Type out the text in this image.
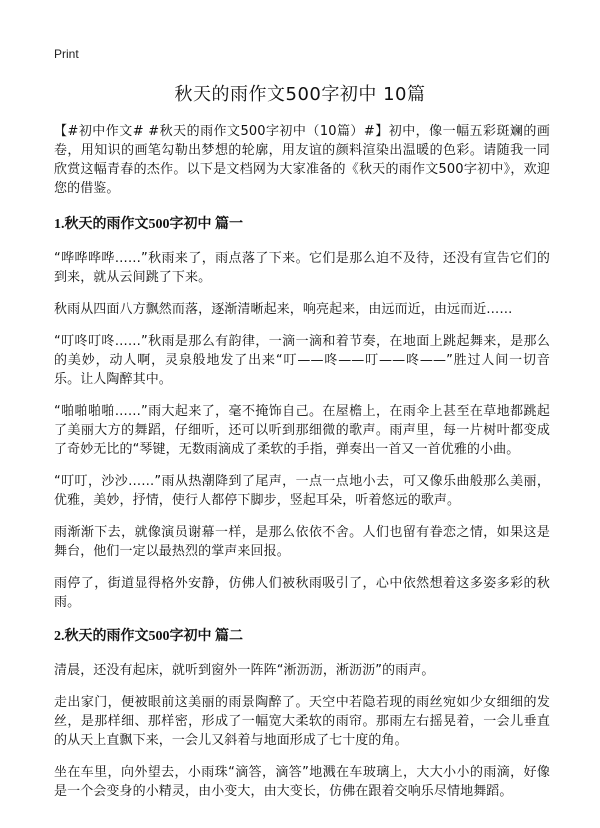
Print
秋天的雨作文500字初中 10篇

【#初中作文# #秋天的雨作文500字初中（10篇）#】初中，像一幅五彩斑斓的画卷，用知识的画笔勾勒出梦想的轮廓，用友谊的颜料渲染出温暖的色彩。请随我一同欣赏这幅青春的杰作。以下是文档网为大家准备的《秋天的雨作文500字初中》，欢迎您的借鉴。

1.秋天的雨作文500字初中 篇一

“哗哗哗哗……”秋雨来了，雨点落了下来。它们是那么迫不及待，还没有宣告它们的到来，就从云间跳了下来。

秋雨从四面八方飘然而落，逐渐清晰起来，响亮起来，由远而近，由远而近……

“叮咚叮咚……”秋雨是那么有韵律，一滴一滴和着节奏，在地面上跳起舞来，是那么的美妙，动人啊，灵泉般地发了出来“叮——咚——叮——咚——”胜过人间一切音乐。让人陶醉其中。

“啪啪啪啪……”雨大起来了，毫不掩饰自己。在屋檐上，在雨伞上甚至在草地都跳起了美丽大方的舞蹈，仔细听，还可以听到那细微的歌声。雨声里，每一片树叶都变成了奇妙无比的“琴键，无数雨滴成了柔软的手指，弹奏出一首又一首优雅的小曲。

“叮叮，沙沙……”雨从热潮降到了尾声，一点一点地小去，可又像乐曲般那么美丽，优雅，美妙，抒情，使行人都停下脚步，竖起耳朵，听着悠远的歌声。

雨渐渐下去，就像演员谢幕一样，是那么依依不舍。人们也留有眷恋之情，如果这是舞台，他们一定以最热烈的掌声来回报。

雨停了，街道显得格外安静，仿佛人们被秋雨吸引了，心中依然想着这多姿多彩的秋雨。

2.秋天的雨作文500字初中 篇二

清晨，还没有起床，就听到窗外一阵阵“淅沥沥，淅沥沥”的雨声。

走出家门，便被眼前这美丽的雨景陶醉了。天空中若隐若现的雨丝宛如少女细细的发丝，是那样细、那样密，形成了一幅宽大柔软的雨帘。那雨左右摇晃着，一会儿垂直的从天上直飘下来，一会儿又斜着与地面形成了七十度的角。

坐在车里，向外望去，小雨珠“滴答，滴答”地溅在车玻璃上，大大小小的雨滴，好像是一个会变身的小精灵，由小变大，由大变长，仿佛在跟着交响乐尽情地舞蹈。
